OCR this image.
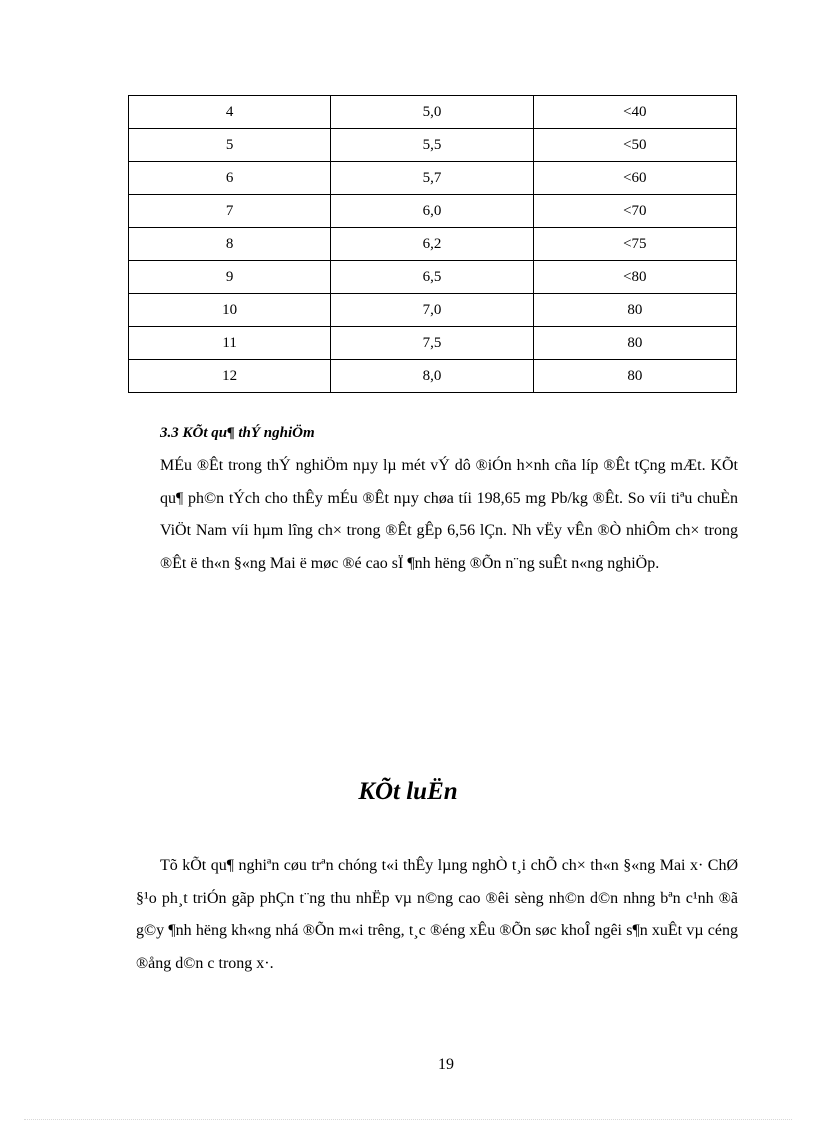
4	5,0	<40
5	5,5	<50
6	5,7	<60
7	6,0	<70
8	6,2	<75
9	6,5	<80
10	7,0	80
11	7,5	80
12	8,0	80
3.3 KÕt qu¶ thÝ nghiÖm

MÉu ®Êt trong thÝ nghiÖm nµy lµ mét vÝ dô ®iÓn h×nh cña líp ®Êt tÇng mÆt. KÕt qu¶ ph©n tÝch cho thÊy mÉu ®Êt nµy chøa tíi 198,65 mg Pb/kg ®Êt. So víi tiªu chuÈn ViÖt Nam víi hµm lîng ch× trong ®Êt gÊp 6,56 lÇn. Nh vËy vÊn ®Ò nhiÔm ch× trong ®Êt ë th«n §«ng Mai ë møc ®é cao sÏ ¶nh hëng ®Õn n¨ng suÊt n«ng nghiÖp.

KÕt luËn

Tõ kÕt qu¶ nghiªn cøu trªn chóng t«i thÊy lµng nghÒ t¸i chÕ ch× th«n §«ng Mai x· ChØ §¹o ph¸t triÓn gãp phÇn t¨ng thu nhËp vµ n©ng cao ®êi sèng nh©n d©n nhng bªn c¹nh ®ã g©y ¶nh hëng kh«ng nhá ®Õn m«i trêng, t¸c ®éng xÊu ®Õn søc khoÎ ngêi s¶n xuÊt vµ céng ®ång d©n c trong x·.

19
